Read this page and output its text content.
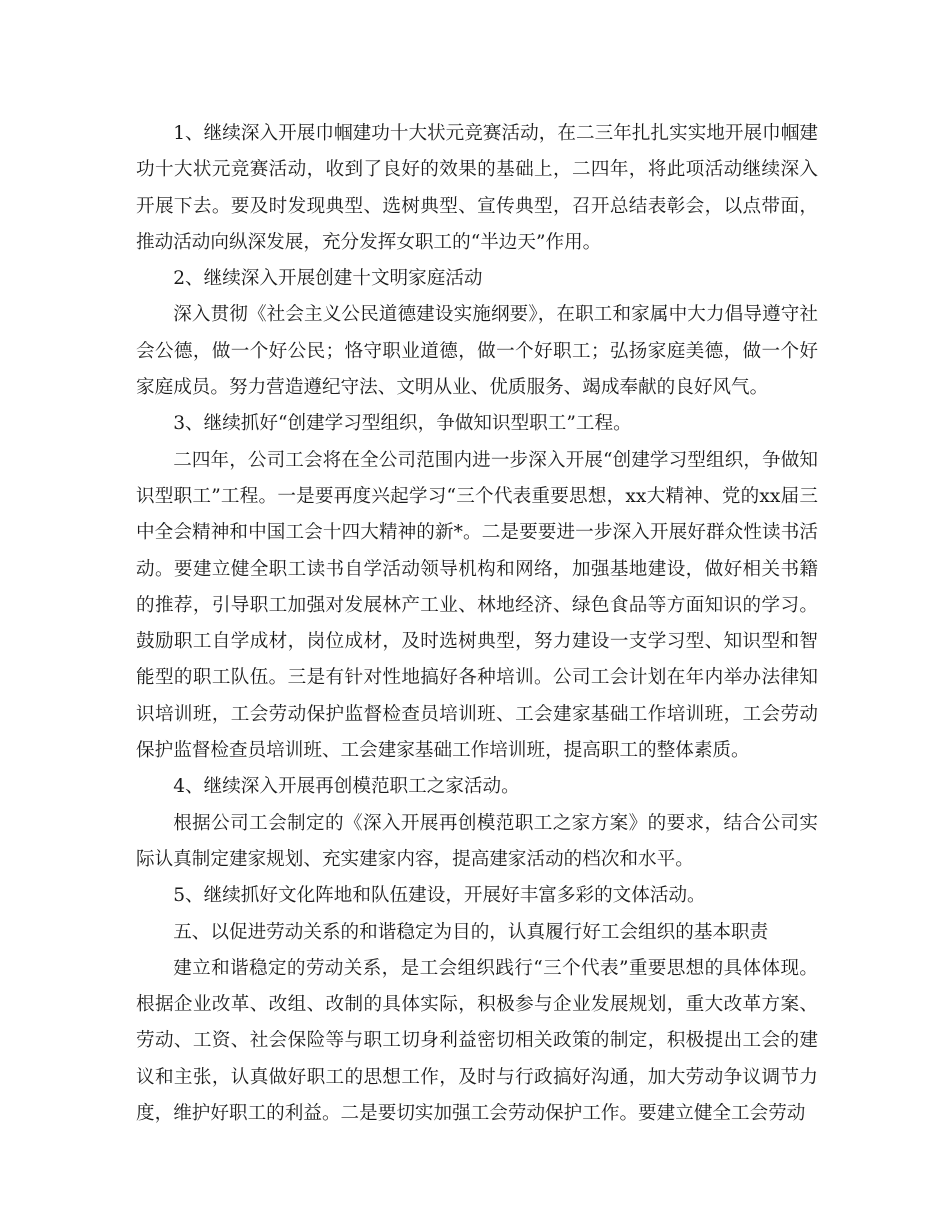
1、继续深入开展巾帼建功十大状元竞赛活动，在二三年扎扎实实地开展巾帼建功十大状元竞赛活动，收到了良好的效果的基础上，二四年，将此项活动继续深入开展下去。要及时发现典型、选树典型、宣传典型，召开总结表彰会，以点带面，推动活动向纵深发展，充分发挥女职工的“半边天”作用。

2、继续深入开展创建十文明家庭活动

深入贯彻《社会主义公民道德建设实施纲要》，在职工和家属中大力倡导遵守社会公德，做一个好公民；恪守职业道德，做一个好职工；弘扬家庭美德，做一个好家庭成员。努力营造遵纪守法、文明从业、优质服务、竭成奉献的良好风气。

3、继续抓好“创建学习型组织，争做知识型职工”工程。

二四年，公司工会将在全公司范围内进一步深入开展“创建学习型组织，争做知识型职工”工程。一是要再度兴起学习“三个代表重要思想，xx大精神、党的xx届三中全会精神和中国工会十四大精神的新*。二是要要进一步深入开展好群众性读书活动。要建立健全职工读书自学活动领导机构和网络，加强基地建设，做好相关书籍的推荐，引导职工加强对发展林产工业、林地经济、绿色食品等方面知识的学习。鼓励职工自学成材，岗位成材，及时选树典型，努力建设一支学习型、知识型和智能型的职工队伍。三是有针对性地搞好各种培训。公司工会计划在年内举办法律知识培训班，工会劳动保护监督检查员培训班、工会建家基础工作培训班，工会劳动保护监督检查员培训班、工会建家基础工作培训班，提高职工的整体素质。

4、继续深入开展再创模范职工之家活动。

根据公司工会制定的《深入开展再创模范职工之家方案》的要求，结合公司实际认真制定建家规划、充实建家内容，提高建家活动的档次和水平。

5、继续抓好文化阵地和队伍建设，开展好丰富多彩的文体活动。

五、以促进劳动关系的和谐稳定为目的，认真履行好工会组织的基本职责

建立和谐稳定的劳动关系，是工会组织践行“三个代表”重要思想的具体体现。根据企业改革、改组、改制的具体实际，积极参与企业发展规划，重大改革方案、劳动、工资、社会保险等与职工切身利益密切相关政策的制定，积极提出工会的建议和主张，认真做好职工的思想工作，及时与行政搞好沟通，加大劳动争议调节力度，维护好职工的利益。二是要切实加强工会劳动保护工作。要建立健全工会劳动
